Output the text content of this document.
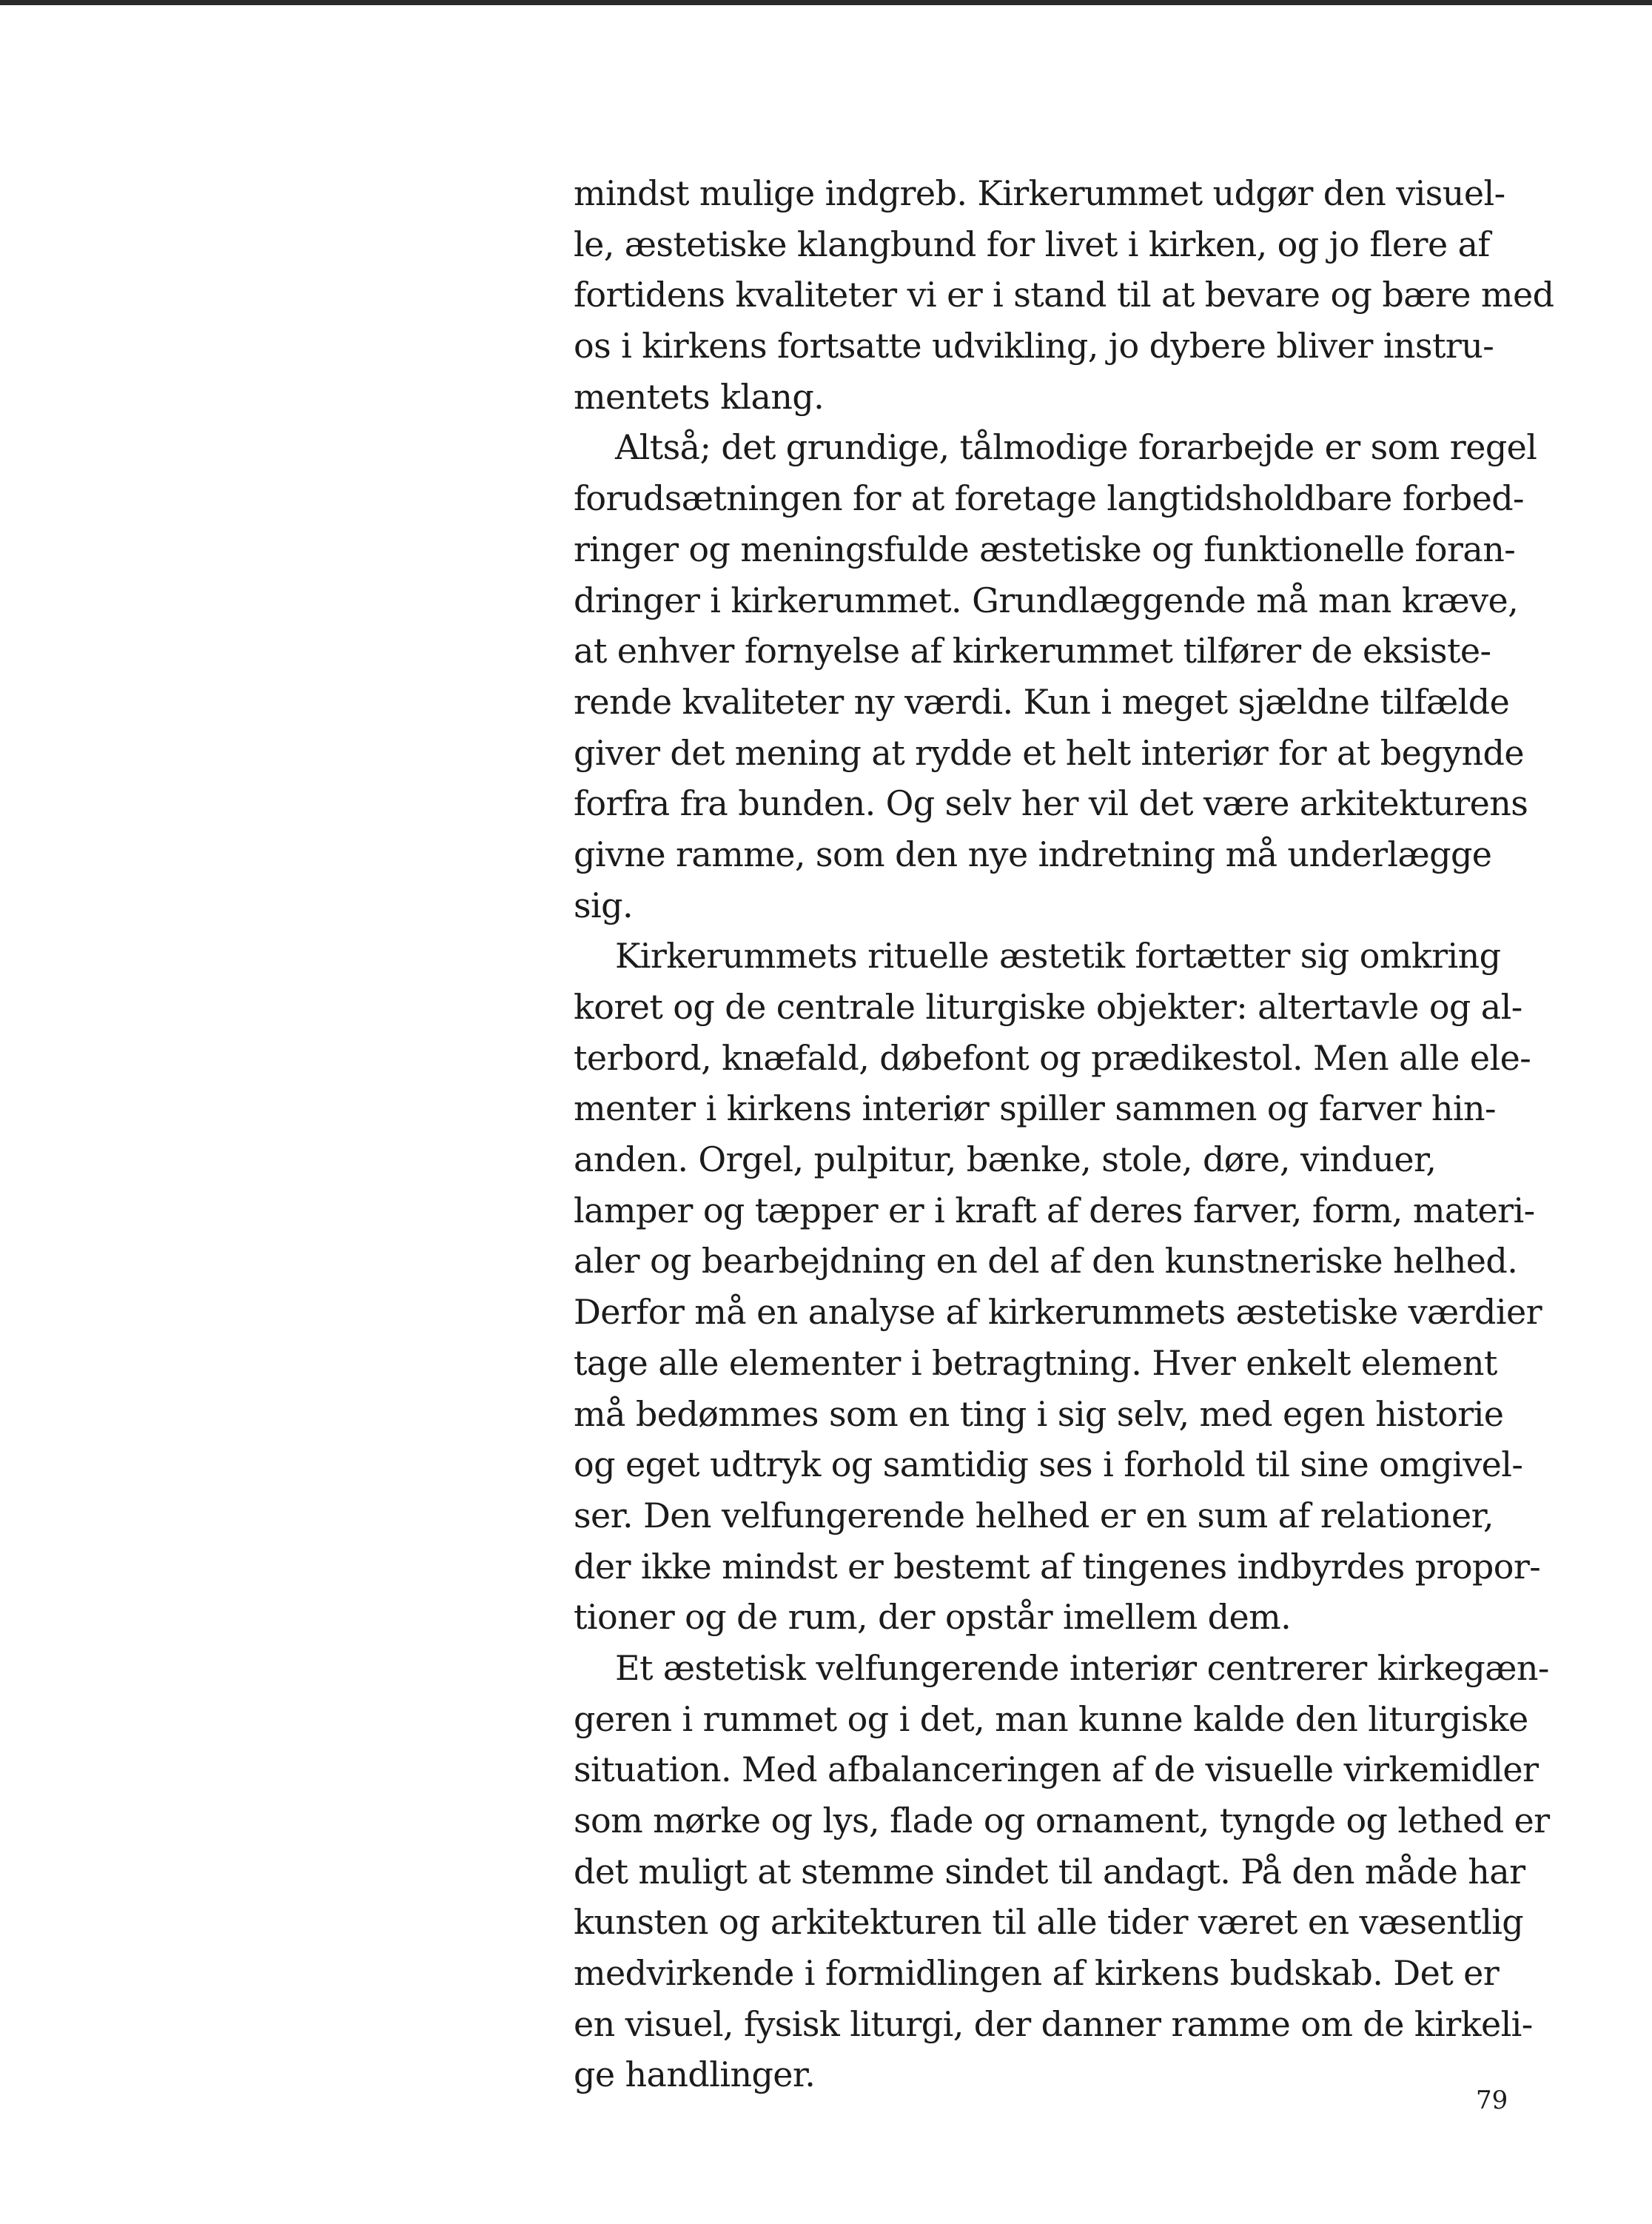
mindst mulige indgreb. Kirkerummet udgør den visuel-
le, æstetiske klangbund for livet i kirken, og jo flere af
fortidens kvaliteter vi er i stand til at bevare og bære med
os i kirkens fortsatte udvikling, jo dybere bliver instru-
mentets klang.
Altså; det grundige, tålmodige forarbejde er som regel
forudsætningen for at foretage langtidsholdbare forbed-
ringer og meningsfulde æstetiske og funktionelle foran-
dringer i kirkerummet. Grundlæggende må man kræve,
at enhver fornyelse af kirkerummet tilfører de eksiste-
rende kvaliteter ny værdi. Kun i meget sjældne tilfælde
giver det mening at rydde et helt interiør for at begynde
forfra fra bunden. Og selv her vil det være arkitekturens
givne ramme, som den nye indretning må underlægge
sig.
Kirkerummets rituelle æstetik fortætter sig omkring
koret og de centrale liturgiske objekter: altertavle og al-
terbord, knæfald, døbefont og prædikestol. Men alle ele-
menter i kirkens interiør spiller sammen og farver hin-
anden. Orgel, pulpitur, bænke, stole, døre, vinduer,
lamper og tæpper er i kraft af deres farver, form, materi-
aler og bearbejdning en del af den kunstneriske helhed.
Derfor må en analyse af kirkerummets æstetiske værdier
tage alle elementer i betragtning. Hver enkelt element
må bedømmes som en ting i sig selv, med egen historie
og eget udtryk og samtidig ses i forhold til sine omgivel-
ser. Den velfungerende helhed er en sum af relationer,
der ikke mindst er bestemt af tingenes indbyrdes propor-
tioner og de rum, der opstår imellem dem.
Et æstetisk velfungerende interiør centrerer kirkegæn-
geren i rummet og i det, man kunne kalde den liturgiske
situation. Med afbalanceringen af de visuelle virkemidler
som mørke og lys, flade og ornament, tyngde og lethed er
det muligt at stemme sindet til andagt. På den måde har
kunsten og arkitekturen til alle tider været en væsentlig
medvirkende i formidlingen af kirkens budskab. Det er
en visuel, fysisk liturgi, der danner ramme om de kirkeli-
ge handlinger.
79
